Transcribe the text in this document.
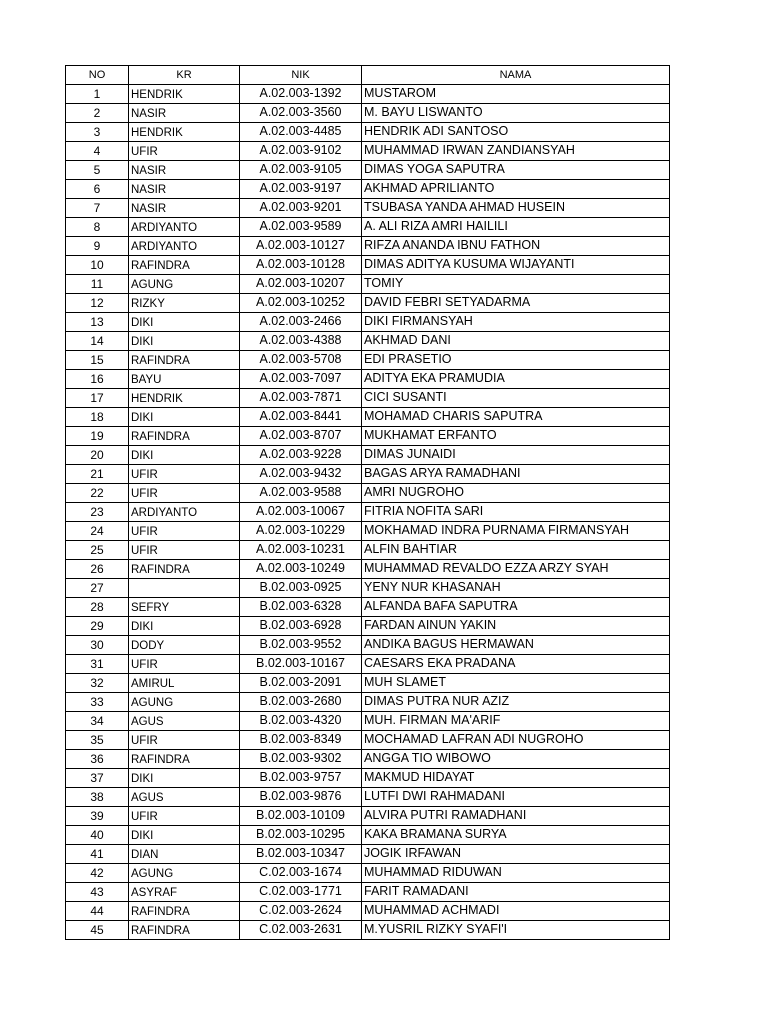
NO	KR	NIK	NAMA
1	HENDRIK	A.02.003-1392	MUSTAROM
2	NASIR	A.02.003-3560	M. BAYU LISWANTO
3	HENDRIK	A.02.003-4485	HENDRIK ADI SANTOSO
4	UFIR	A.02.003-9102	MUHAMMAD IRWAN ZANDIANSYAH
5	NASIR	A.02.003-9105	DIMAS YOGA SAPUTRA
6	NASIR	A.02.003-9197	AKHMAD APRILIANTO
7	NASIR	A.02.003-9201	TSUBASA YANDA AHMAD HUSEIN
8	ARDIYANTO	A.02.003-9589	A. ALI RIZA AMRI HAILILI
9	ARDIYANTO	A.02.003-10127	RIFZA ANANDA IBNU FATHON
10	RAFINDRA	A.02.003-10128	DIMAS ADITYA KUSUMA WIJAYANTI
11	AGUNG	A.02.003-10207	TOMIY
12	RIZKY	A.02.003-10252	DAVID FEBRI SETYADARMA
13	DIKI	A.02.003-2466	DIKI FIRMANSYAH
14	DIKI	A.02.003-4388	AKHMAD DANI
15	RAFINDRA	A.02.003-5708	EDI PRASETIO
16	BAYU	A.02.003-7097	ADITYA EKA PRAMUDIA
17	HENDRIK	A.02.003-7871	CICI SUSANTI
18	DIKI	A.02.003-8441	MOHAMAD CHARIS SAPUTRA
19	RAFINDRA	A.02.003-8707	MUKHAMAT ERFANTO
20	DIKI	A.02.003-9228	DIMAS JUNAIDI
21	UFIR	A.02.003-9432	BAGAS ARYA RAMADHANI
22	UFIR	A.02.003-9588	AMRI NUGROHO
23	ARDIYANTO	A.02.003-10067	FITRIA NOFITA SARI
24	UFIR	A.02.003-10229	MOKHAMAD INDRA PURNAMA FIRMANSYAH
25	UFIR	A.02.003-10231	ALFIN BAHTIAR
26	RAFINDRA	A.02.003-10249	MUHAMMAD REVALDO EZZA ARZY SYAH
27		B.02.003-0925	YENY NUR KHASANAH
28	SEFRY	B.02.003-6328	ALFANDA BAFA SAPUTRA
29	DIKI	B.02.003-6928	FARDAN AINUN YAKIN
30	DODY	B.02.003-9552	ANDIKA BAGUS HERMAWAN
31	UFIR	B.02.003-10167	CAESARS EKA PRADANA
32	AMIRUL	B.02.003-2091	MUH SLAMET
33	AGUNG	B.02.003-2680	DIMAS PUTRA NUR AZIZ
34	AGUS	B.02.003-4320	MUH. FIRMAN MA'ARIF
35	UFIR	B.02.003-8349	MOCHAMAD LAFRAN ADI NUGROHO
36	RAFINDRA	B.02.003-9302	ANGGA TIO WIBOWO
37	DIKI	B.02.003-9757	MAKMUD HIDAYAT
38	AGUS	B.02.003-9876	LUTFI DWI RAHMADANI
39	UFIR	B.02.003-10109	ALVIRA PUTRI RAMADHANI
40	DIKI	B.02.003-10295	KAKA BRAMANA SURYA
41	DIAN	B.02.003-10347	JOGIK IRFAWAN
42	AGUNG	C.02.003-1674	MUHAMMAD RIDUWAN
43	ASYRAF	C.02.003-1771	FARIT RAMADANI
44	RAFINDRA	C.02.003-2624	MUHAMMAD ACHMADI
45	RAFINDRA	C.02.003-2631	M.YUSRIL RIZKY SYAFI'I
